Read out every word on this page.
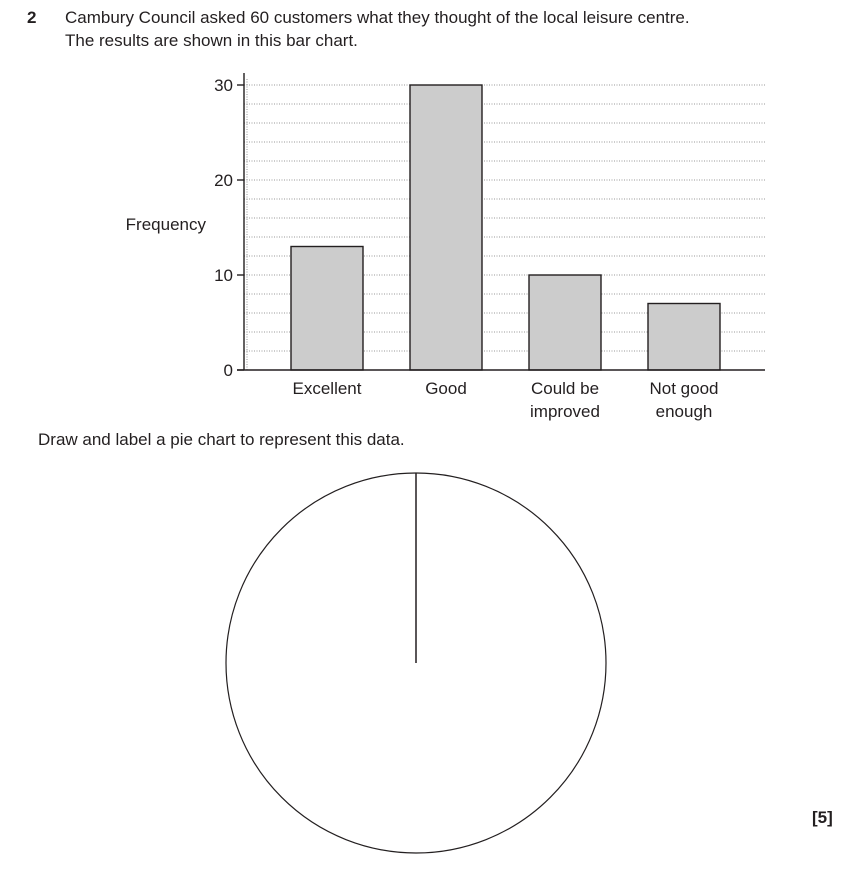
2 Cambury Council asked 60 customers what they thought of the local leisure centre.
The results are shown in this bar chart.
0
10
20
30
Frequency
Excellent	Good	Could be
improved
Not good
enough
Draw and label a pie chart to represent this data.
[5]
